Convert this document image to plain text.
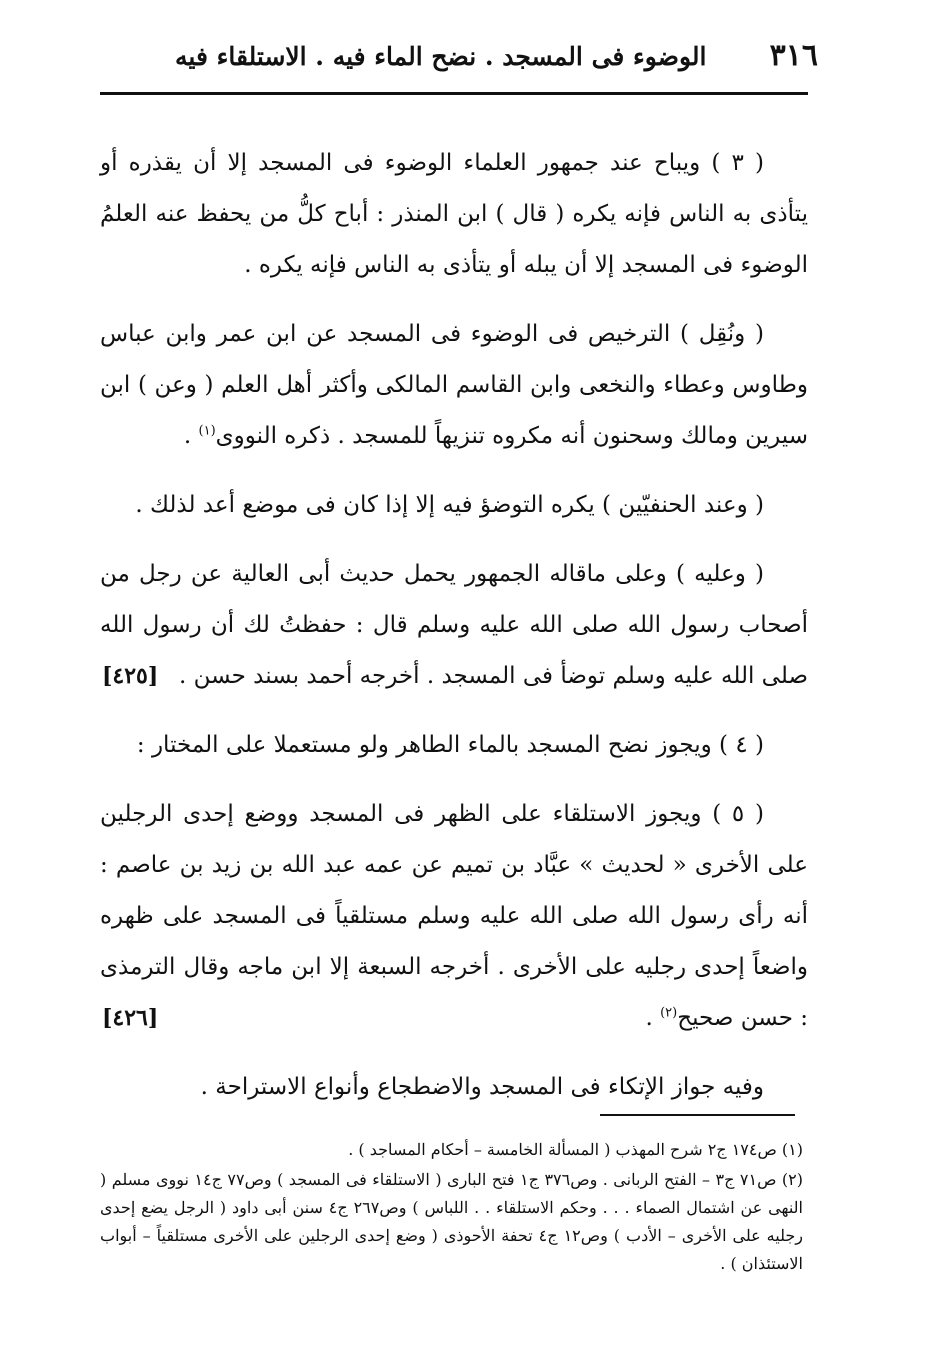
٣١٦
الوضوء فى المسجد . نضح الماء فيه . الاستلقاء فيه

( ٣ ) ويباح عند جمهور العلماء الوضوء فى المسجد إلا أن يقذره أو يتأذى به الناس فإنه يكره ( قال ) ابن المنذر : أباح كلُّ من يحفظ عنه العلمُ الوضوء فى المسجد إلا أن يبله أو يتأذى به الناس فإنه يكره .

( ونُقِل ) الترخيص فى الوضوء فى المسجد عن ابن عمر وابن عباس وطاوس وعطاء والنخعى وابن القاسم المالكى وأكثر أهل العلم ( وعن ) ابن سيرين ومالك وسحنون أنه مكروه تنزيهاً للمسجد . ذكره النووى$^{(١)}$ .

( وعند الحنفيّين ) يكره التوضؤ فيه إلا إذا كان فى موضع أعد لذلك .

( وعليه ) وعلى ماقاله الجمهور يحمل حديث أبى العالية عن رجل من أصحاب رسول الله صلى الله عليه وسلم قال : حفظتُ لك أن رسول الله صلى الله عليه وسلم توضأ فى المسجد . أخرجه أحمد بسند حسن .
[٤٢٥]

( ٤ ) ويجوز نضح المسجد بالماء الطاهر ولو مستعملا على المختار :

( ٥ ) ويجوز الاستلقاء على الظهر فى المسجد ووضع إحدى الرجلين على الأخرى « لحديث » عبَّاد بن تميم عن عمه عبد الله بن زيد بن عاصم : أنه رأى رسول الله صلى الله عليه وسلم مستلقياً فى المسجد على ظهره واضعاً إحدى رجليه على الأخرى . أخرجه السبعة إلا ابن ماجه وقال الترمذى : حسن صحيح$^{(٢)}$ .
[٤٢٦]

وفيه جواز الإتكاء فى المسجد والاضطجاع وأنواع الاستراحة .

(١) ص١٧٤ ج٢ شرح المهذب ( المسألة الخامسة – أحكام المساجد ) .

(٢) ص٧١ ج٣ – الفتح الربانى . وص٣٧٦ ج١ فتح البارى ( الاستلقاء فى المسجد ) وص٧٧ ج١٤ نووى مسلم ( النهى عن اشتمال الصماء . . . وحكم الاستلقاء . . اللباس ) وص٢٦٧ ج٤ سنن أبى داود ( الرجل يضع إحدى رجليه على الأخرى – الأدب ) وص١٢ ج٤ تحفة الأحوذى ( وضع إحدى الرجلين على الأخرى مستلقياً – أبواب الاستئذان ) .
